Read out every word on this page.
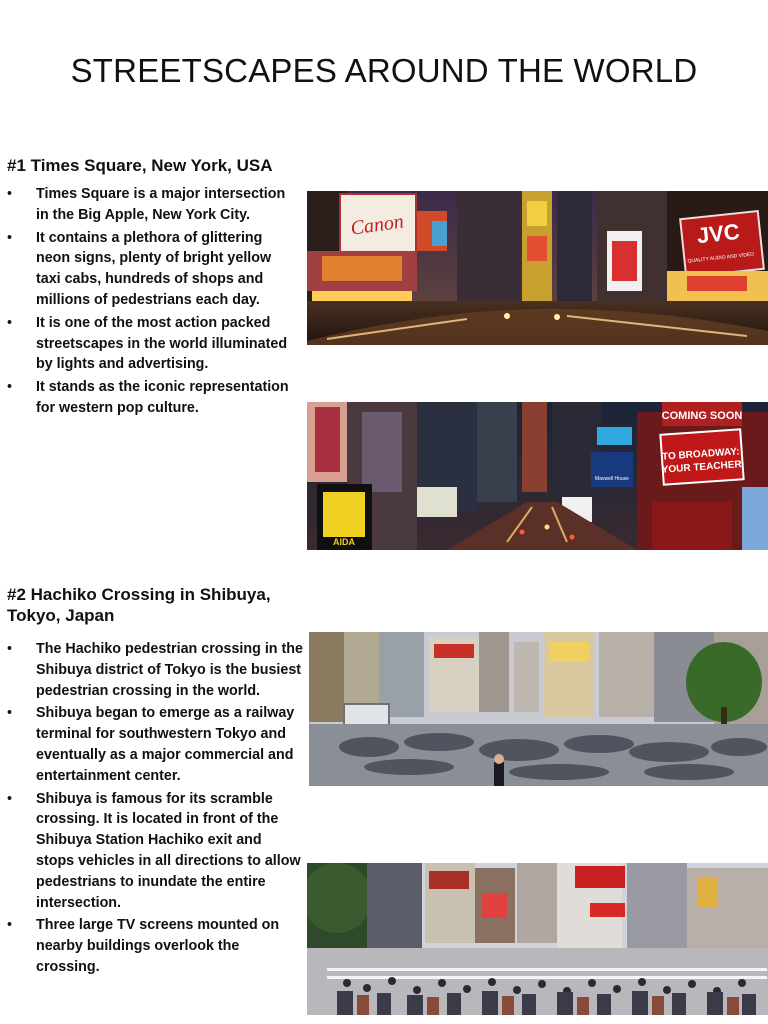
STREETSCAPES AROUND THE WORLD
#1 Times Square, New York, USA
• Times Square is a major intersection in the Big Apple, New York City.
• It contains a plethora of glittering neon signs, plenty of bright yellow taxi cabs, hundreds of shops and millions of pedestrians each day.
• It is one of the most action packed streetscapes in the world illuminated by lights and advertising.
• It stands as the iconic representation for western pop culture.
Canon	JVC
QUALITY AUDIO AND VIDEO
Maxwell House
COMING SOON
TO BROADWAY:YOUR TEACHER
AIDA
#2 Hachiko Crossing in Shibuya, Tokyo, Japan
• The Hachiko pedestrian crossing in the Shibuya district of Tokyo is the busiest pedestrian crossing in the world.
• Shibuya began to emerge as a railway terminal for southwestern Tokyo and eventually as a major commercial and entertainment center.
• Shibuya is famous for its scramble crossing. It is located in front of the Shibuya Station Hachiko exit and stops vehicles in all directions to allow pedestrians to inundate the entire intersection.
• Three large TV screens mounted on nearby buildings overlook the crossing.
